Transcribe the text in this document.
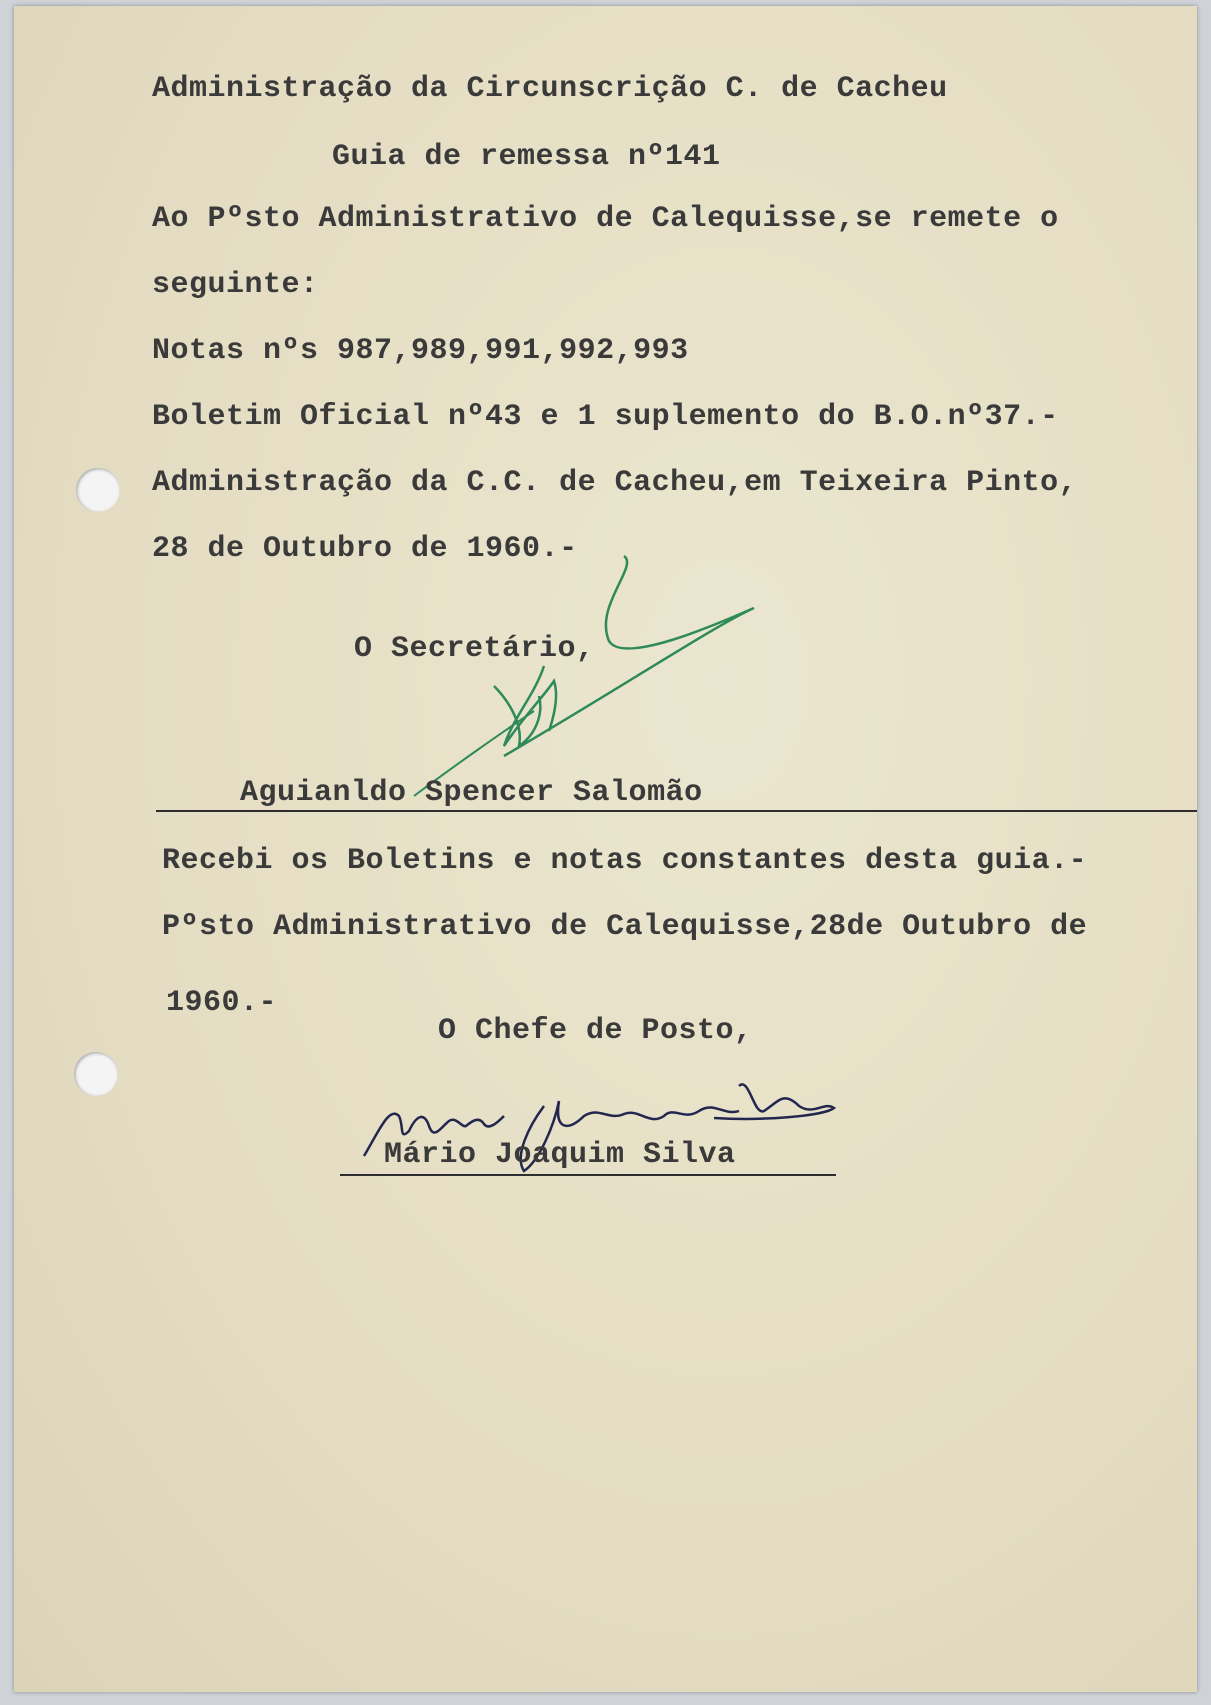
Administração da Circunscrição C. de Cacheu

Guia de remessa nº141

Ao Pºsto Administrativo de Calequisse,se remete o

seguinte:

Notas nºs 987,989,991,992,993

Boletim Oficial nº43 e 1 suplemento do B.O.nº37.-

Administração da C.C. de Cacheu,em Teixeira Pinto,

28 de Outubro de 1960.-

O Secretário,

Aguianldo Spencer Salomão

Recebi os Boletins e notas constantes desta guia.-

Pºsto Administrativo de Calequisse,28de Outubro de

1960.-

O Chefe de Posto,

Mário Joaquim Silva
